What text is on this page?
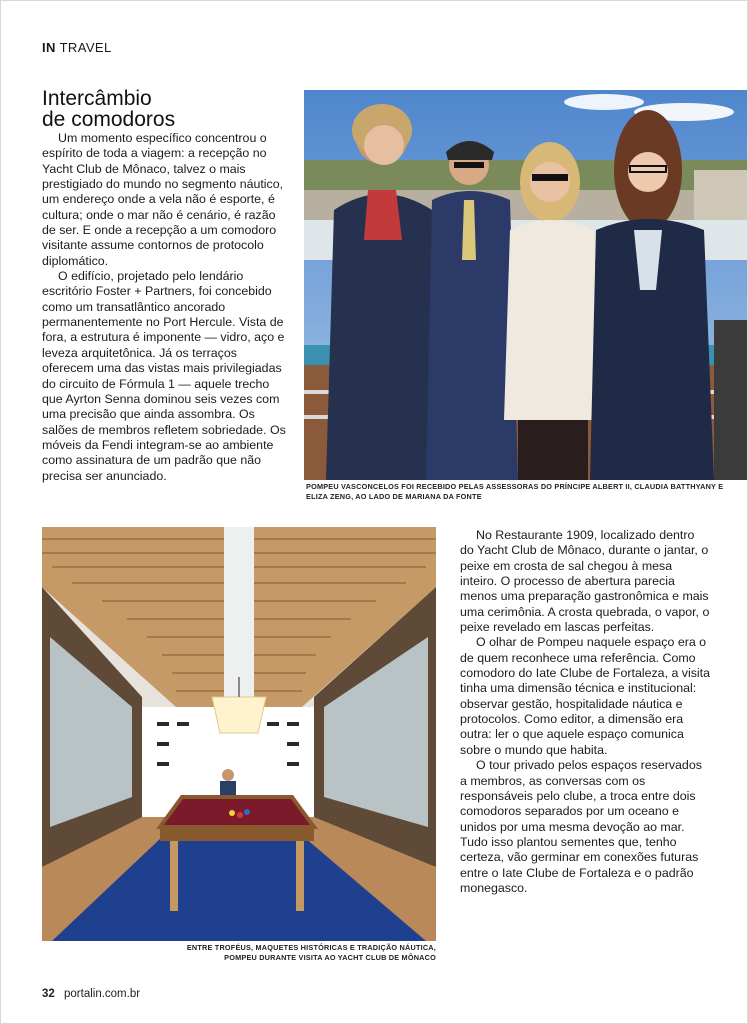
IN TRAVEL
Intercâmbio
de comodoros

Um momento específico concentrou o espírito de toda a viagem: a recepção no Yacht Club de Mônaco, talvez o mais prestigiado do mundo no segmento náutico, um endereço onde a vela não é esporte, é cultura; onde o mar não é cenário, é razão de ser. E onde a recepção a um comodoro visitante assume contornos de protocolo diplomático.

O edifício, projetado pelo lendário escritório Foster + Partners, foi concebido como um transatlântico ancorado permanentemente no Port Hercule. Vista de fora, a estrutura é imponente — vidro, aço e leveza arquitetônica. Já os terraços oferecem uma das vistas mais privilegiadas do circuito de Fórmula 1 — aquele trecho que Ayrton Senna dominou seis vezes com uma precisão que ainda assombra. Os salões de membros refletem sobriedade. Os móveis da Fendi integram-se ao ambiente como assinatura de um padrão que não precisa ser anunciado.

POMPEU VASCONCELOS FOI RECEBIDO PELAS ASSESSORAS DO PRÍNCIPE ALBERT II, CLAUDIA BATTHYANY E ELIZA ZENG, AO LADO DE MARIANA DA FONTE
ENTRE TROFÉUS, MAQUETES HISTÓRICAS E TRADIÇÃO NÁUTICA,
POMPEU DURANTE VISITA AO YACHT CLUB DE MÔNACO

No Restaurante 1909, localizado dentro do Yacht Club de Mônaco, durante o jantar, o peixe em crosta de sal chegou à mesa inteiro. O processo de abertura parecia menos uma preparação gastronômica e mais uma cerimônia. A crosta quebrada, o vapor, o peixe revelado em lascas perfeitas.

O olhar de Pompeu naquele espaço era o de quem reconhece uma referência. Como comodoro do Iate Clube de Fortaleza, a visita tinha uma dimensão técnica e institucional: observar gestão, hospitalidade náutica e protocolos. Como editor, a dimensão era outra: ler o que aquele espaço comunica sobre o mundo que habita.

O tour privado pelos espaços reservados a membros, as conversas com os responsáveis pelo clube, a troca entre dois comodoros separados por um oceano e unidos por uma mesma devoção ao mar. Tudo isso plantou sementes que, tenho certeza, vão germinar em conexões futuras entre o Iate Clube de Fortaleza e o padrão monegasco.

32 portalin.com.br
